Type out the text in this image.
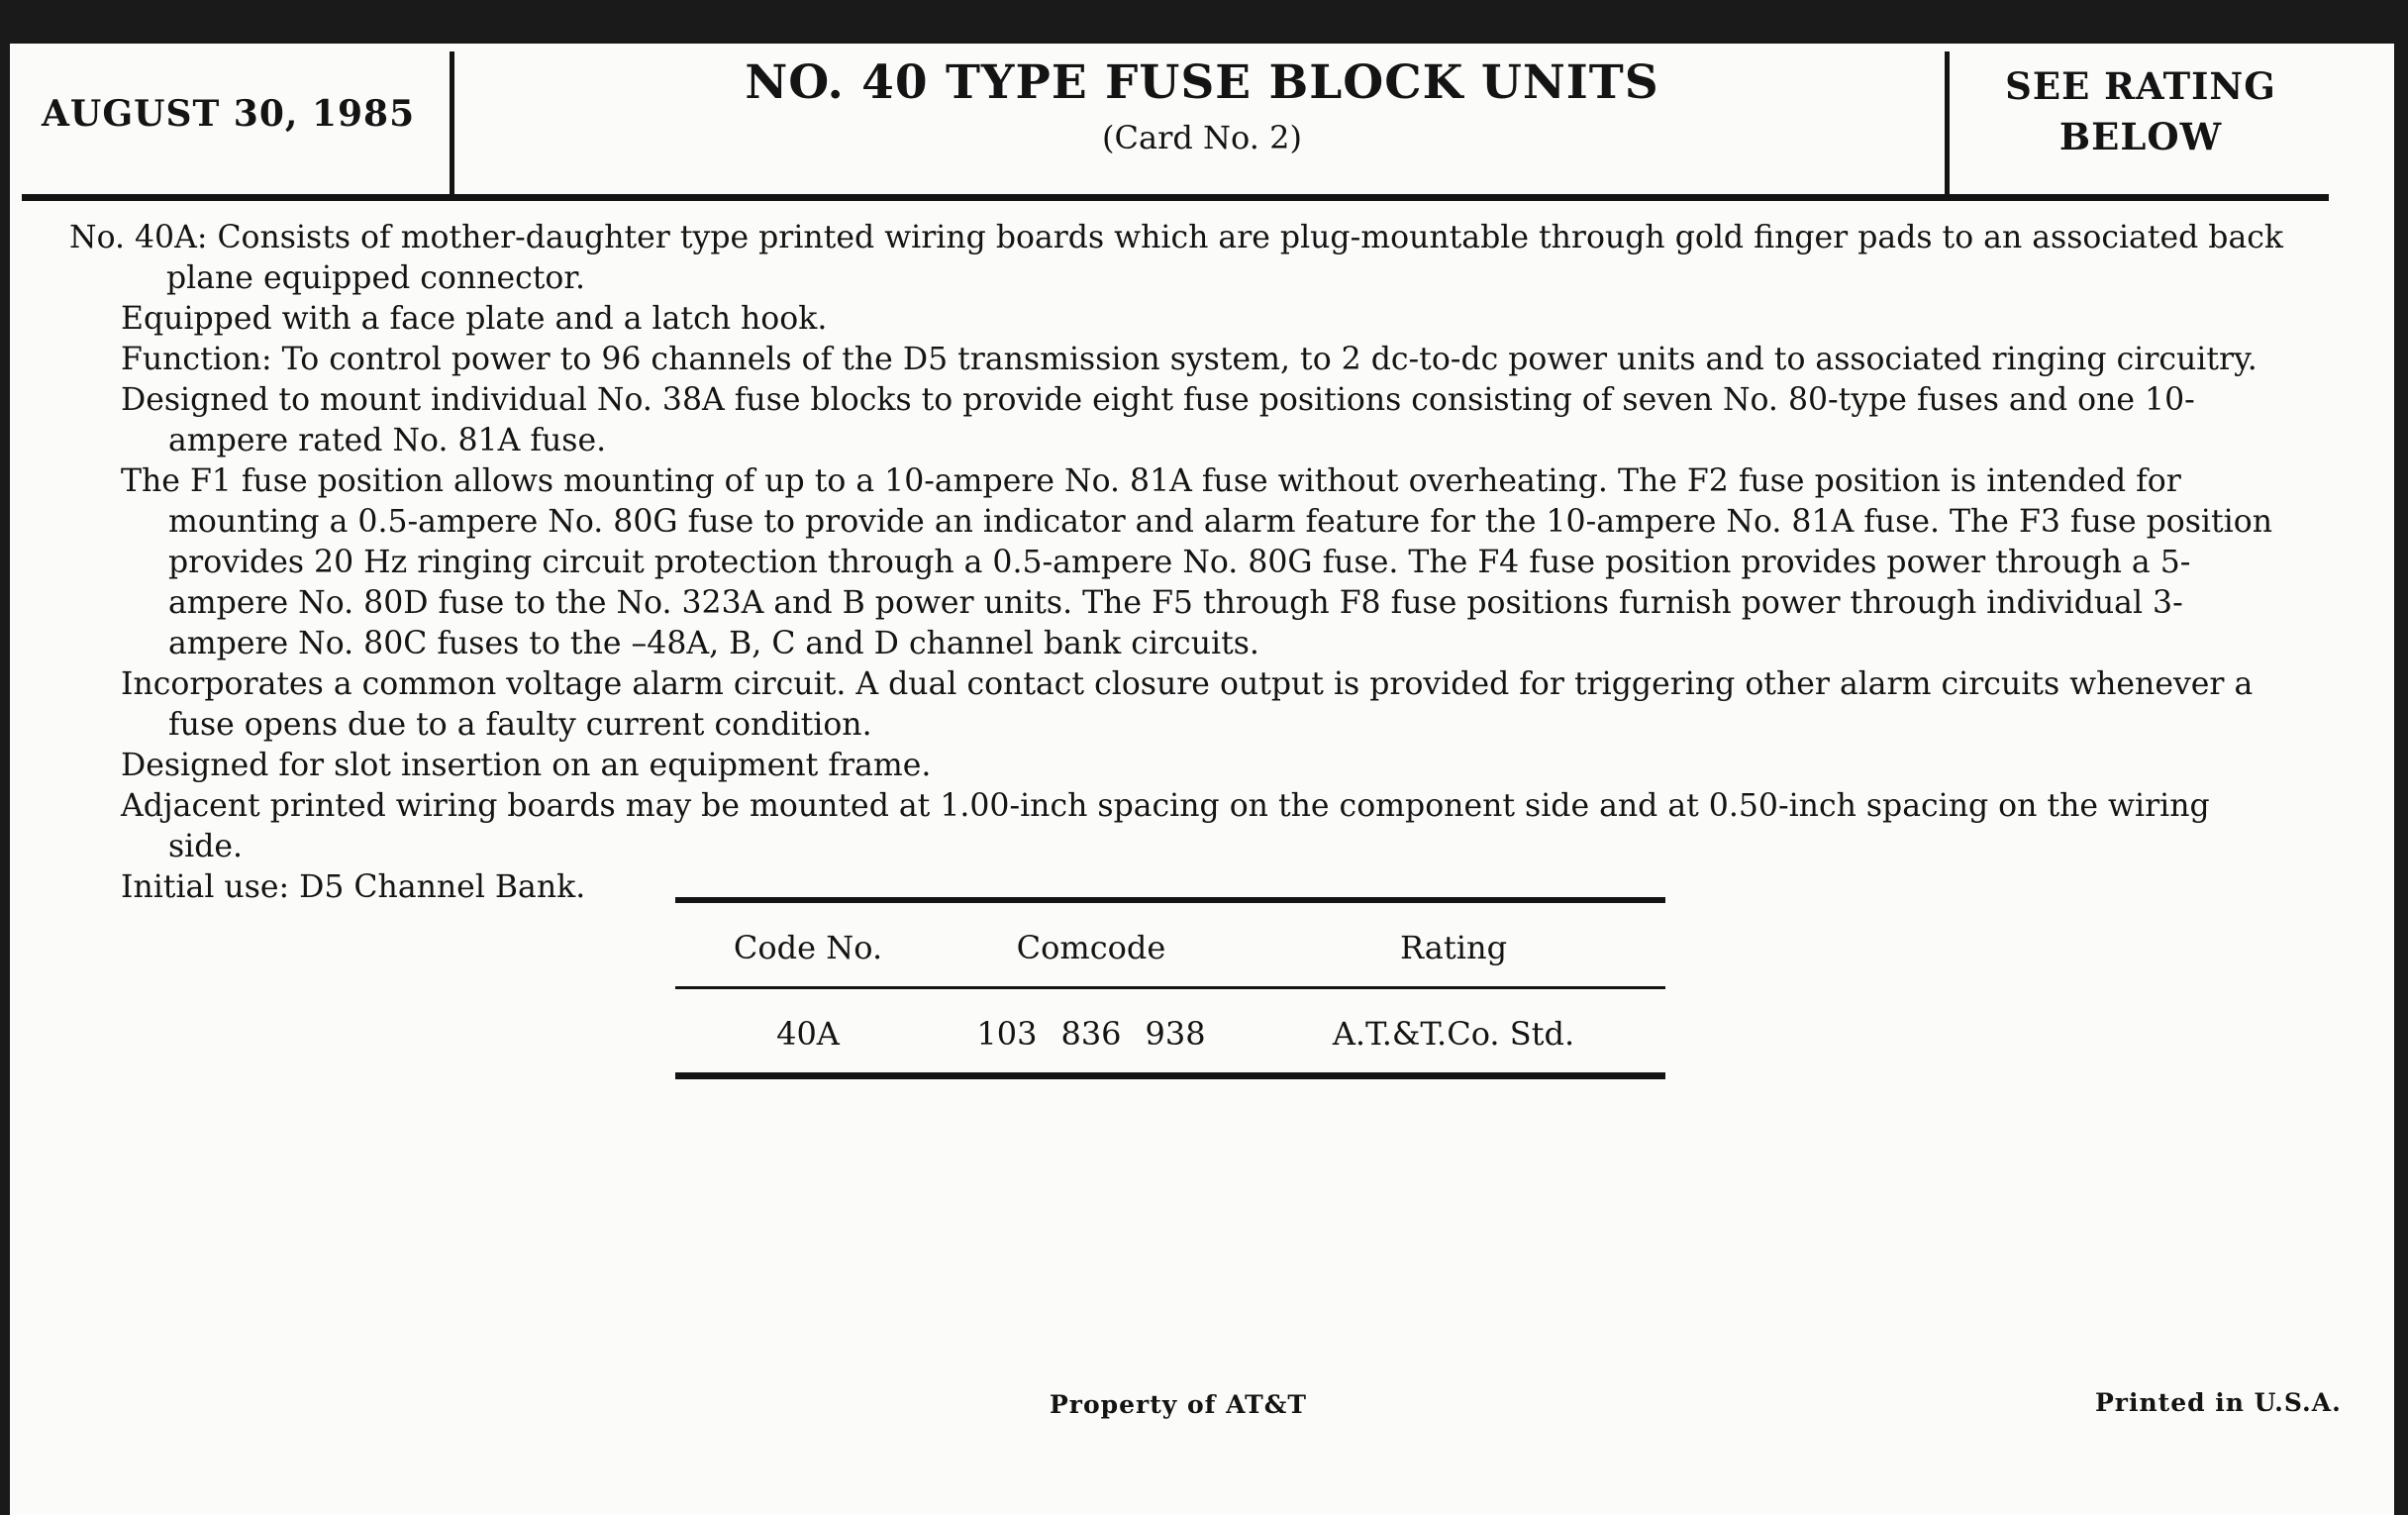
AUGUST 30, 1985
NO. 40 TYPE FUSE BLOCK UNITS
(Card No. 2)
SEE RATING
BELOW

No. 40A: Consists of mother-daughter type printed wiring boards which are plug-mountable through gold finger pads to an associated back plane equipped connector.

Equipped with a face plate and a latch hook.

Function: To control power to 96 channels of the D5 transmission system, to 2 dc-to-dc power units and to associated ringing circuitry.

Designed to mount individual No. 38A fuse blocks to provide eight fuse positions consisting of seven No. 80-type fuses and one 10-ampere rated No. 81A fuse.

The F1 fuse position allows mounting of up to a 10-ampere No. 81A fuse without overheating. The F2 fuse position is intended for mounting a 0.5-ampere No. 80G fuse to provide an indicator and alarm feature for the 10-ampere No. 81A fuse. The F3 fuse position provides 20 Hz ringing circuit protection through a 0.5-ampere No. 80G fuse. The F4 fuse position provides power through a 5-ampere No. 80D fuse to the No. 323A and B power units. The F5 through F8 fuse positions furnish power through individual 3-ampere No. 80C fuses to the –48A, B, C and D channel bank circuits.

Incorporates a common voltage alarm circuit. A dual contact closure output is provided for triggering other alarm circuits whenever a fuse opens due to a faulty current condition.

Designed for slot insertion on an equipment frame.

Adjacent printed wiring boards may be mounted at 1.00-inch spacing on the component side and at 0.50-inch spacing on the wiring side.

Initial use: D5 Channel Bank.

Code No.	Comcode	Rating
40A	103 836 938	A.T.&T.Co. Std.
Property of AT&T	Printed in U.S.A.
